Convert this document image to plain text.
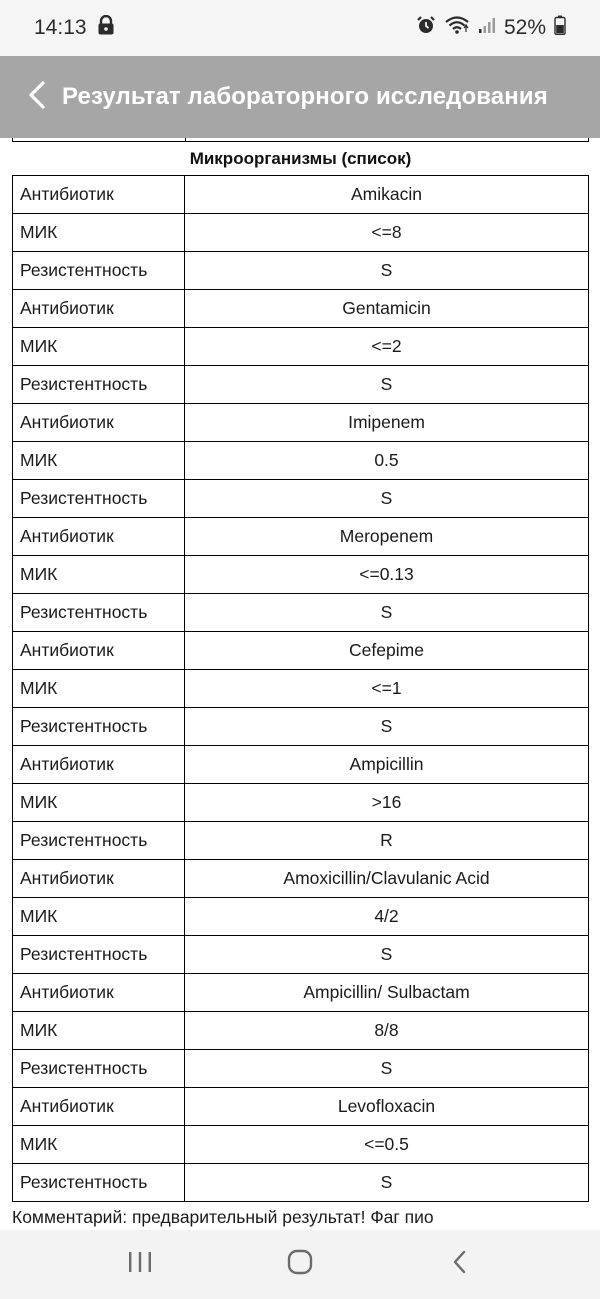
14:13	52%
Результат лабораторного исследования
Микроорганизмы (список)
Антибиотик	Amikacin
МИК	<=8
Резистентность	S
Антибиотик	Gentamicin
МИК	<=2
Резистентность	S
Антибиотик	Imipenem
МИК	0.5
Резистентность	S
Антибиотик	Meropenem
МИК	<=0.13
Резистентность	S
Антибиотик	Cefepime
МИК	<=1
Резистентность	S
Антибиотик	Ampicillin
МИК	>16
Резистентность	R
Антибиотик	Amoxicillin/Clavulanic Acid
МИК	4/2
Резистентность	S
Антибиотик	Ampicillin/ Sulbactam
МИК	8/8
Резистентность	S
Антибиотик	Levofloxacin
МИК	<=0.5
Резистентность	S
Комментарий: предварительный результат! Фаг пио
